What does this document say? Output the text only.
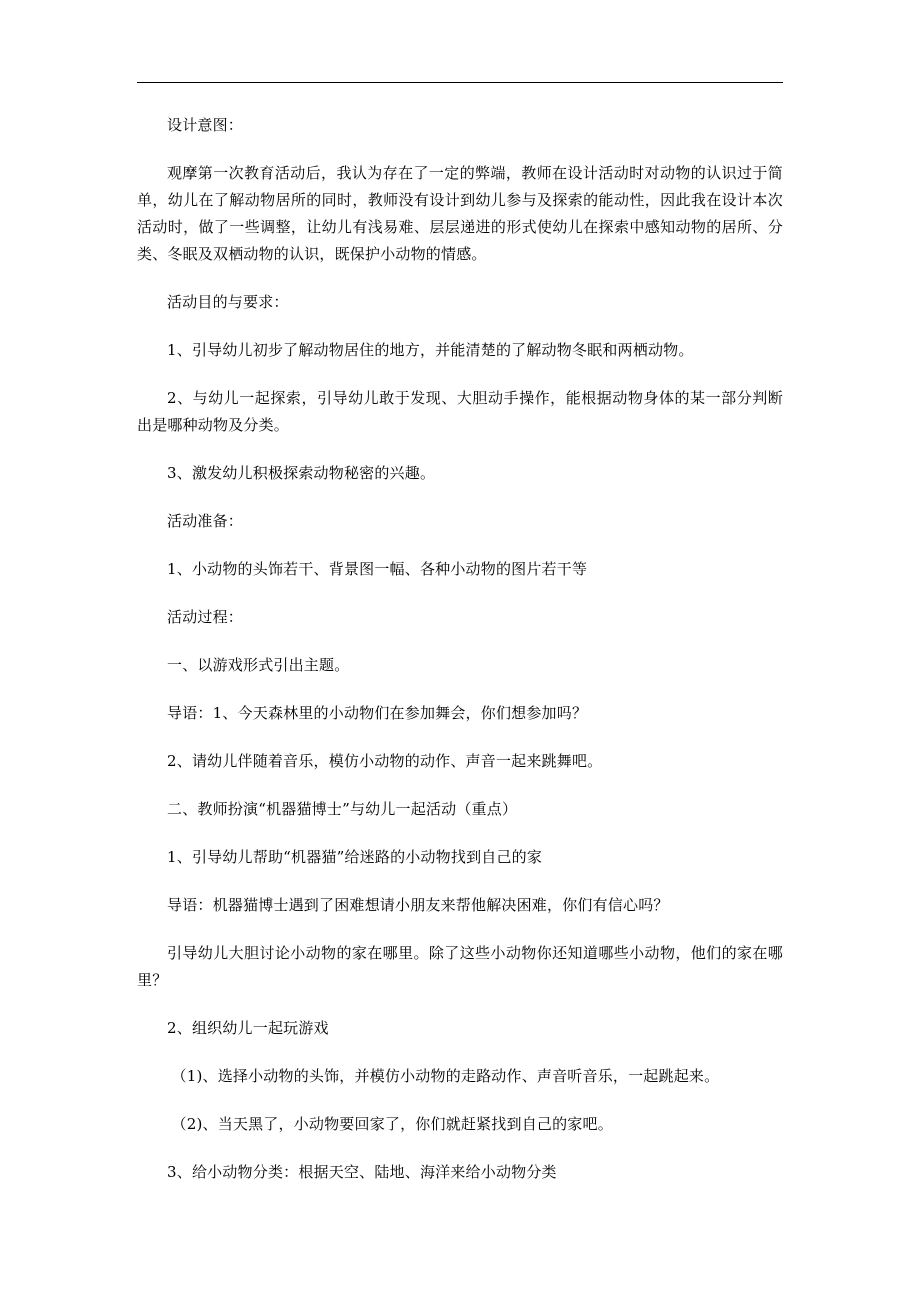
设计意图：

观摩第一次教育活动后，我认为存在了一定的弊端，教师在设计活动时对动物的认识过于简单，幼儿在了解动物居所的同时，教师没有设计到幼儿参与及探索的能动性，因此我在设计本次活动时，做了一些调整，让幼儿有浅易难、层层递进的形式使幼儿在探索中感知动物的居所、分类、冬眠及双栖动物的认识，既保护小动物的情感。

活动目的与要求：

1、引导幼儿初步了解动物居住的地方，并能清楚的了解动物冬眠和两栖动物。

2、与幼儿一起探索，引导幼儿敢于发现、大胆动手操作，能根据动物身体的某一部分判断出是哪种动物及分类。

3、激发幼儿积极探索动物秘密的兴趣。

活动准备：

1、小动物的头饰若干、背景图一幅、各种小动物的图片若干等

活动过程：

一、以游戏形式引出主题。

导语：1、今天森林里的小动物们在参加舞会，你们想参加吗？

2、请幼儿伴随着音乐，模仿小动物的动作、声音一起来跳舞吧。

二、教师扮演“机器猫博士”与幼儿一起活动（重点）

1、引导幼儿帮助“机器猫”给迷路的小动物找到自己的家

导语：机器猫博士遇到了困难想请小朋友来帮他解决困难，你们有信心吗？

引导幼儿大胆讨论小动物的家在哪里。除了这些小动物你还知道哪些小动物，他们的家在哪里？

2、组织幼儿一起玩游戏

（1)、选择小动物的头饰，并模仿小动物的走路动作、声音听音乐，一起跳起来。

（2)、当天黑了，小动物要回家了，你们就赶紧找到自己的家吧。

3、给小动物分类：根据天空、陆地、海洋来给小动物分类
